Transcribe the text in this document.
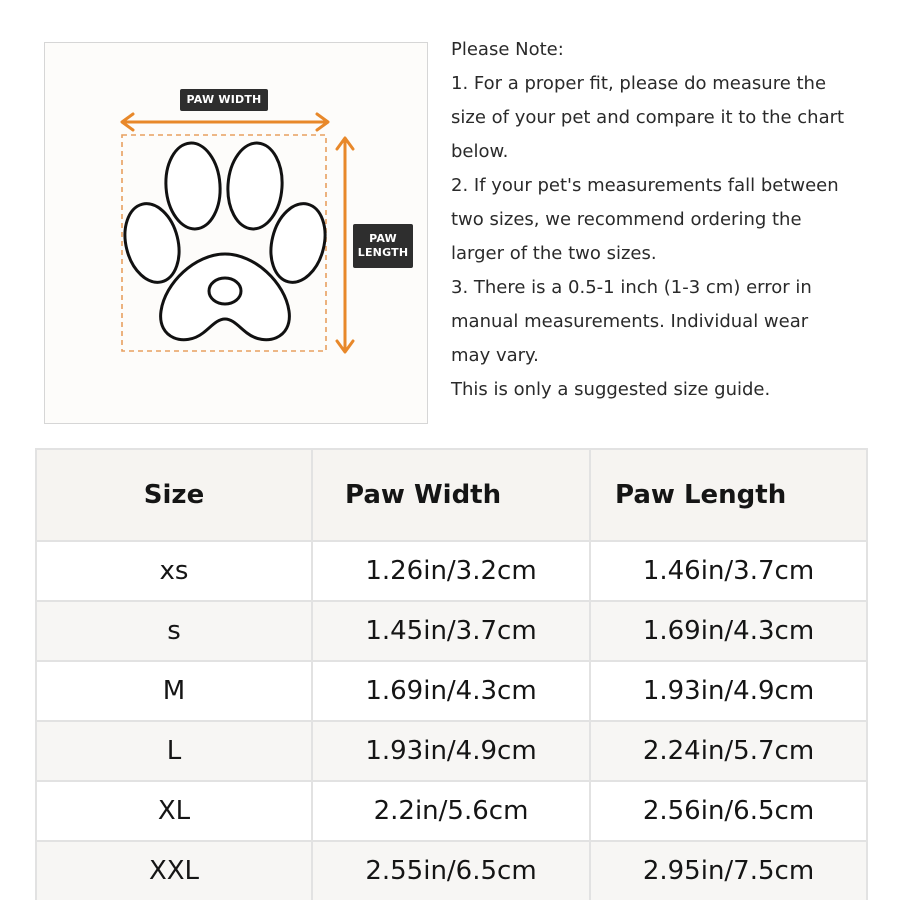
PAW WIDTH
PAW
LENGTH

Please Note:

1. For a proper fit, please do measure the

size of your pet and compare it to the chart

below.

2. If your pet's measurements fall between

two sizes, we recommend ordering the

larger of the two sizes.

3. There is a 0.5-1 inch (1-3 cm) error in

manual measurements. Individual wear

may vary.

This is only a suggested size guide.

Size	Paw Width	Paw Length
xs	1.26in/3.2cm	1.46in/3.7cm
s	1.45in/3.7cm	1.69in/4.3cm
M	1.69in/4.3cm	1.93in/4.9cm
L	1.93in/4.9cm	2.24in/5.7cm
XL	2.2in/5.6cm	2.56in/6.5cm
XXL	2.55in/6.5cm	2.95in/7.5cm
